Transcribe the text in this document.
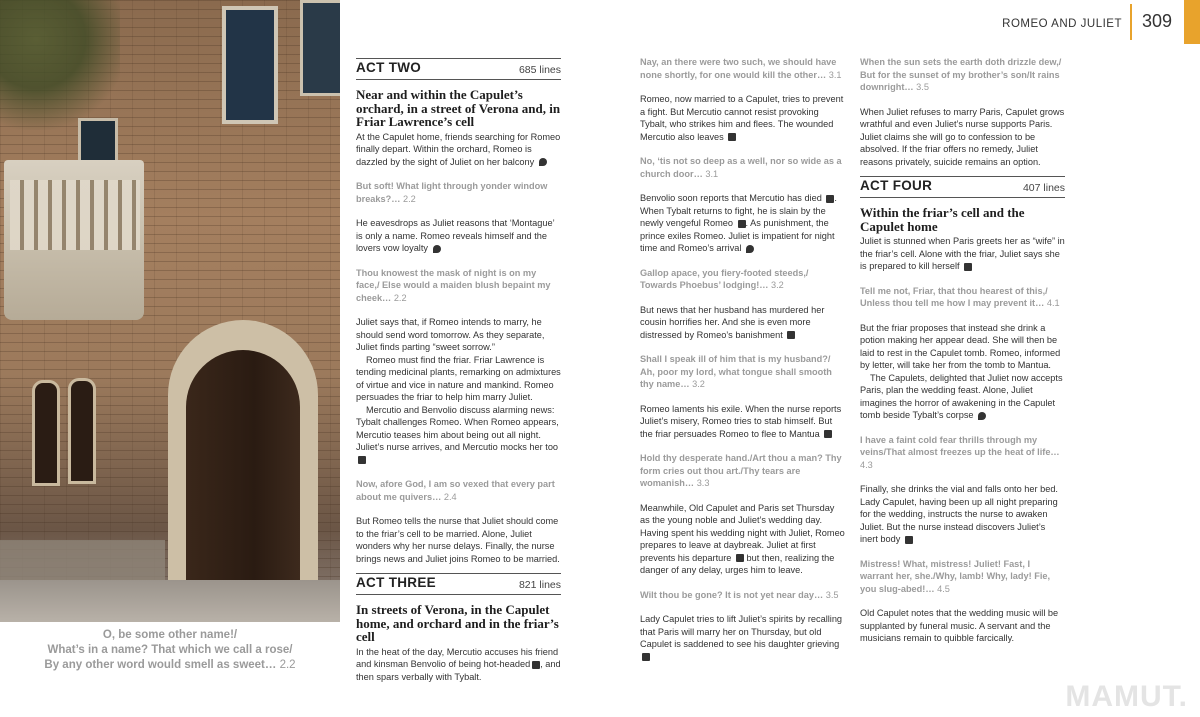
O, be some other name!/
What’s in a name? That which we call a rose/
By any other word would smell as sweet… 2.2
ROMEO AND JULIET 309
ACT TWO	685 lines
Near and within the Capulet’s orchard, in a street of Verona and, in Friar Lawrence’s cell

At the Capulet home, friends searching for Romeo finally depart. Within the orchard, Romeo is dazzled by the sight of Juliet on her balcony

But soft! What light through yonder window breaks?… 2.2

He eavesdrops as Juliet reasons that ‘Montague’ is only a name. Romeo reveals himself and the lovers vow loyalty

Thou knowest the mask of night is on my face,/ Else would a maiden blush bepaint my cheek… 2.2

Juliet says that, if Romeo intends to marry, he should send word tomorrow. As they separate, Juliet finds parting “sweet sorrow.”

Romeo must find the friar. Friar Lawrence is tending medicinal plants, remarking on admixtures of virtue and vice in nature and mankind. Romeo persuades the friar to help him marry Juliet.

Mercutio and Benvolio discuss alarming news: Tybalt challenges Romeo. When Romeo appears, Mercutio teases him about being out all night. Juliet’s nurse arrives, and Mercutio mocks her too

Now, afore God, I am so vexed that every part about me quivers… 2.4

But Romeo tells the nurse that Juliet should come to the friar’s cell to be married. Alone, Juliet wonders why her nurse delays. Finally, the nurse brings news and Juliet joins Romeo to be married.

ACT THREE	821 lines
In streets of Verona, in the Capulet home, and orchard and in the friar’s cell

In the heat of the day, Mercutio accuses his friend and kinsman Benvolio of being hot-headed , and then spars verbally with Tybalt.

Nay, an there were two such, we should have none shortly, for one would kill the other… 3.1

Romeo, now married to a Capulet, tries to prevent a fight. But Mercutio cannot resist provoking Tybalt, who strikes him and flees. The wounded Mercutio also leaves

No, ‘tis not so deep as a well, nor so wide as a church door… 3.1

Benvolio soon reports that Mercutio has died . When Tybalt returns to fight, he is slain by the newly vengeful Romeo . As punishment, the prince exiles Romeo. Juliet is impatient for night time and Romeo’s arrival

Gallop apace, you fiery-footed steeds,/ Towards Phoebus’ lodging!… 3.2

But news that her husband has murdered her cousin horrifies her. And she is even more distressed by Romeo’s banishment

Shall I speak ill of him that is my husband?/ Ah, poor my lord, what tongue shall smooth thy name… 3.2

Romeo laments his exile. When the nurse reports Juliet’s misery, Romeo tries to stab himself. But the friar persuades Romeo to flee to Mantua

Hold thy desperate hand./Art thou a man? Thy form cries out thou art./Thy tears are womanish… 3.3

Meanwhile, Old Capulet and Paris set Thursday as the young noble and Juliet’s wedding day. Having spent his wedding night with Juliet, Romeo prepares to leave at daybreak. Juliet at first prevents his departure  but then, realizing the danger of any delay, urges him to leave.

Wilt thou be gone? It is not yet near day… 3.5

Lady Capulet tries to lift Juliet’s spirits by recalling that Paris will marry her on Thursday, but old Capulet is saddened to see his daughter grieving

When the sun sets the earth doth drizzle dew,/ But for the sunset of my brother’s son/It rains downright… 3.5

When Juliet refuses to marry Paris, Capulet grows wrathful and even Juliet’s nurse supports Paris. Juliet claims she will go to confession to be absolved. If the friar offers no remedy, Juliet reasons privately, suicide remains an option.

ACT FOUR	407 lines
Within the friar’s cell and the Capulet home

Juliet is stunned when Paris greets her as “wife” in the friar’s cell. Alone with the friar, Juliet says she is prepared to kill herself

Tell me not, Friar, that thou hearest of this,/ Unless thou tell me how I may prevent it… 4.1

But the friar proposes that instead she drink a potion making her appear dead. She will then be laid to rest in the Capulet tomb. Romeo, informed by letter, will take her from the tomb to Mantua.

The Capulets, delighted that Juliet now accepts Paris, plan the wedding feast. Alone, Juliet imagines the horror of awakening in the Capulet tomb beside Tybalt’s corpse

I have a faint cold fear thrills through my veins/That almost freezes up the heat of life… 4.3

Finally, she drinks the vial and falls onto her bed. Lady Capulet, having been up all night preparing for the wedding, instructs the nurse to awaken Juliet. But the nurse instead discovers Juliet’s inert body

Mistress! What, mistress! Juliet! Fast, I warrant her, she./Why, lamb! Why, lady! Fie, you slug-abed!… 4.5

Old Capulet notes that the wedding music will be supplanted by funeral music. A servant and the musicians remain to quibble farcically.

MAMUT.
